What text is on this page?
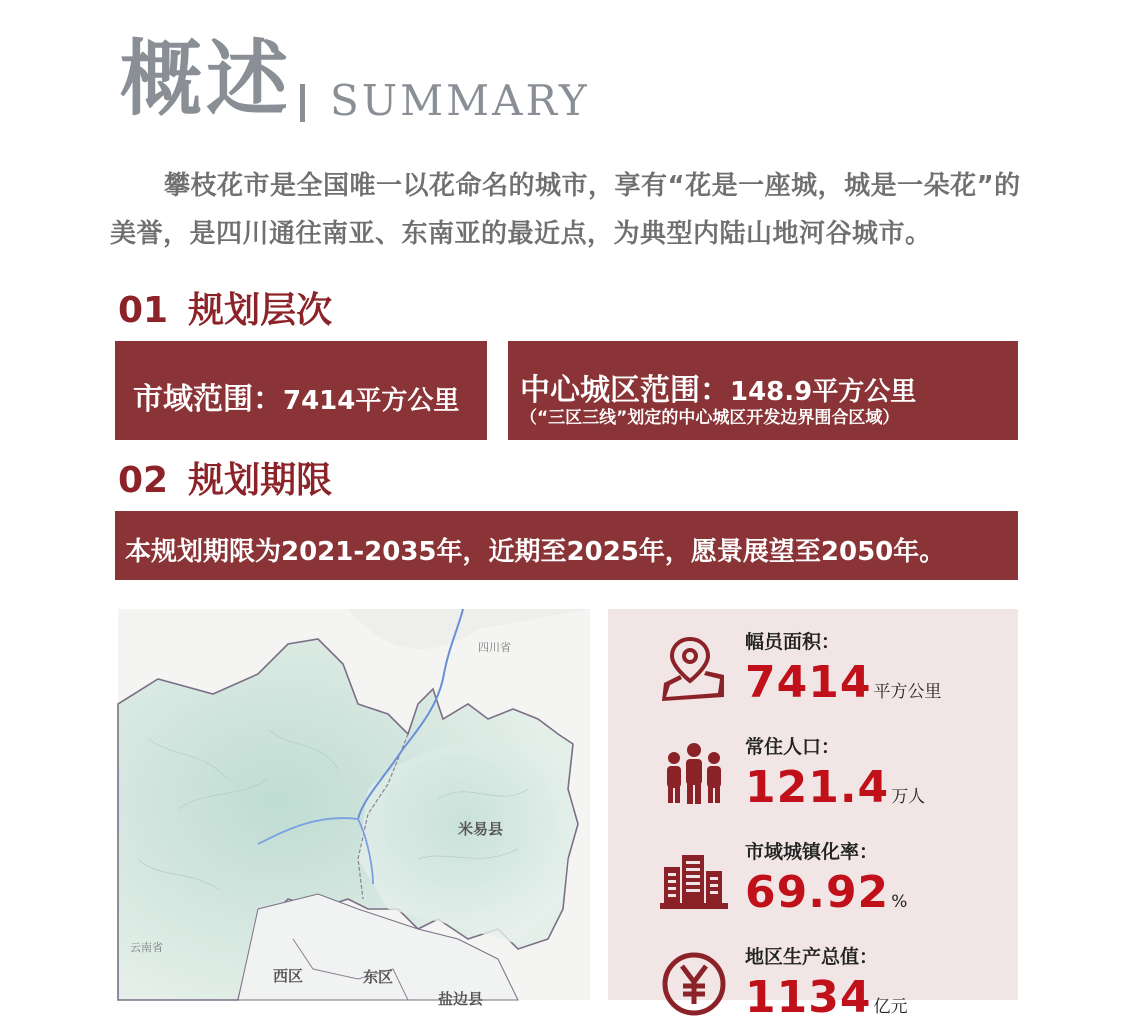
概述 SUMMARY
攀枝花市是全国唯一以花命名的城市，享有“花是一座城，城是一朵花”的美誉，是四川通往南亚、东南亚的最近点，为典型内陆山地河谷城市。
01 规划层次
市域范围：7414平方公里 中心城区范围：148.9平方公里
（“三区三线”划定的中心城区开发边界围合区域）
02 规划期限
本规划期限为2021-2035年，近期至2025年，愿景展望至2050年。
四川省
米易县
云南省
西区	东区
盐边县
幅员面积：
7414 平方公里
常住人口：
121.4 万人
市域城镇化率：
69.92 %
地区生产总值：
1134 亿元
